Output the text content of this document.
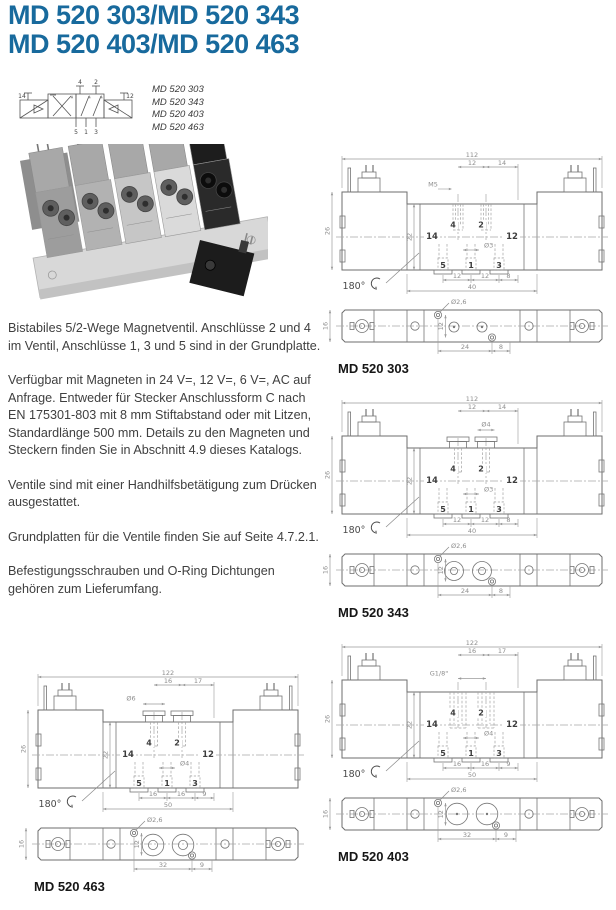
MD 520 303/MD 520 343
MD 520 403/MD 520 463
4 2
5 1 3
14	12
MD 520 303
MD 520 343
MD 520 403
MD 520 463

Bistabiles 5/2-Wege Magnetventil. Anschlüsse 2 und 4 im Ventil, Anschlüsse 1, 3 und 5 sind in der Grundplatte.

Verfügbar mit Magneten in 24 V=, 12 V=, 6 V=, AC auf Anfrage. Entweder für Stecker Anschlussform C nach EN 175301-803 mit 8 mm Stiftabstand oder mit Litzen, Standardlänge 500 mm. Details zu den Magneten und Steckern finden Sie in Abschnitt 4.9 dieses Katalogs.

Ventile sind mit einer Handhilfsbetätigung zum Drücken ausgestattet.

Grundplatten für die Ventile finden Sie auf Seite 4.7.2.1.

Befestigungsschrauben und O-Ring Dichtungen gehören zum Lieferumfang.

112
12	14
M5
4	2
14	12
Ø3
5	1	3
12	12	8
40
26
22
180°
Ø2,6
12
24	8
16
MD 520 303
112
12	14
Ø4
4	2
14	12
Ø3
5	1	3
12	12	8
40
26
22
180°
Ø2,6
12
24	8
16
MD 520 343
122
16	17
G1/8"
4	2
14	12
Ø4
5	1	3
16	16	9
50
26
22
180°
Ø2,6
12
32	9
16
MD 520 403
122
16	17
Ø6
4	2
14	12
Ø4
5	1	3
16	16	9
50
26
22
180°
Ø2,6
12
32	9
16
MD 520 463
